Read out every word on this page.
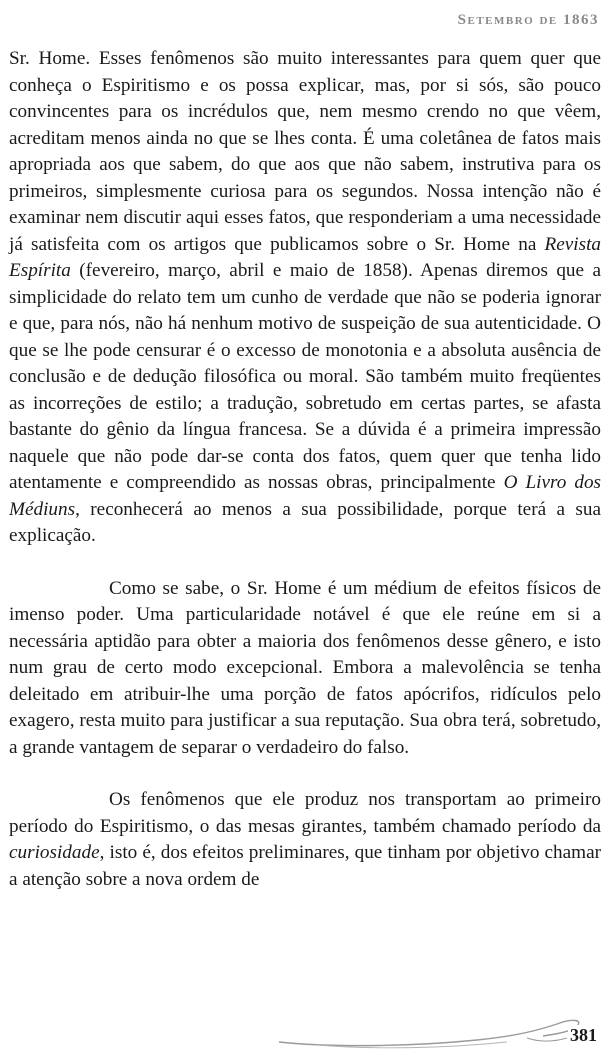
Setembro de 1863

Sr. Home. Esses fenômenos são muito interessantes para quem quer que conheça o Espiritismo e os possa explicar, mas, por si sós, são pouco convincentes para os incrédulos que, nem mesmo crendo no que vêem, acreditam menos ainda no que se lhes conta. É uma coletânea de fatos mais apropriada aos que sabem, do que aos que não sabem, instrutiva para os primeiros, simplesmente curiosa para os segundos. Nossa intenção não é examinar nem discutir aqui esses fatos, que responderiam a uma necessidade já satisfeita com os artigos que publicamos sobre o Sr. Home na Revista Espírita (fevereiro, março, abril e maio de 1858). Apenas diremos que a simplicidade do relato tem um cunho de verdade que não se poderia ignorar e que, para nós, não há nenhum motivo de suspeição de sua autenticidade. O que se lhe pode censurar é o excesso de monotonia e a absoluta ausência de conclusão e de dedução filosófica ou moral. São também muito freqüentes as incorreções de estilo; a tradução, sobretudo em certas partes, se afasta bastante do gênio da língua francesa. Se a dúvida é a primeira impressão naquele que não pode dar-se conta dos fatos, quem quer que tenha lido atentamente e compreendido as nossas obras, principalmente O Livro dos Médiuns, reconhecerá ao menos a sua possibilidade, porque terá a sua explicação.

Como se sabe, o Sr. Home é um médium de efeitos físicos de imenso poder. Uma particularidade notável é que ele reúne em si a necessária aptidão para obter a maioria dos fenômenos desse gênero, e isto num grau de certo modo excepcional. Embora a malevolência se tenha deleitado em atribuir-lhe uma porção de fatos apócrifos, ridículos pelo exagero, resta muito para justificar a sua reputação. Sua obra terá, sobretudo, a grande vantagem de separar o verdadeiro do falso.

Os fenômenos que ele produz nos transportam ao primeiro período do Espiritismo, o das mesas girantes, também chamado período da curiosidade, isto é, dos efeitos preliminares, que tinham por objetivo chamar a atenção sobre a nova ordem de

381
